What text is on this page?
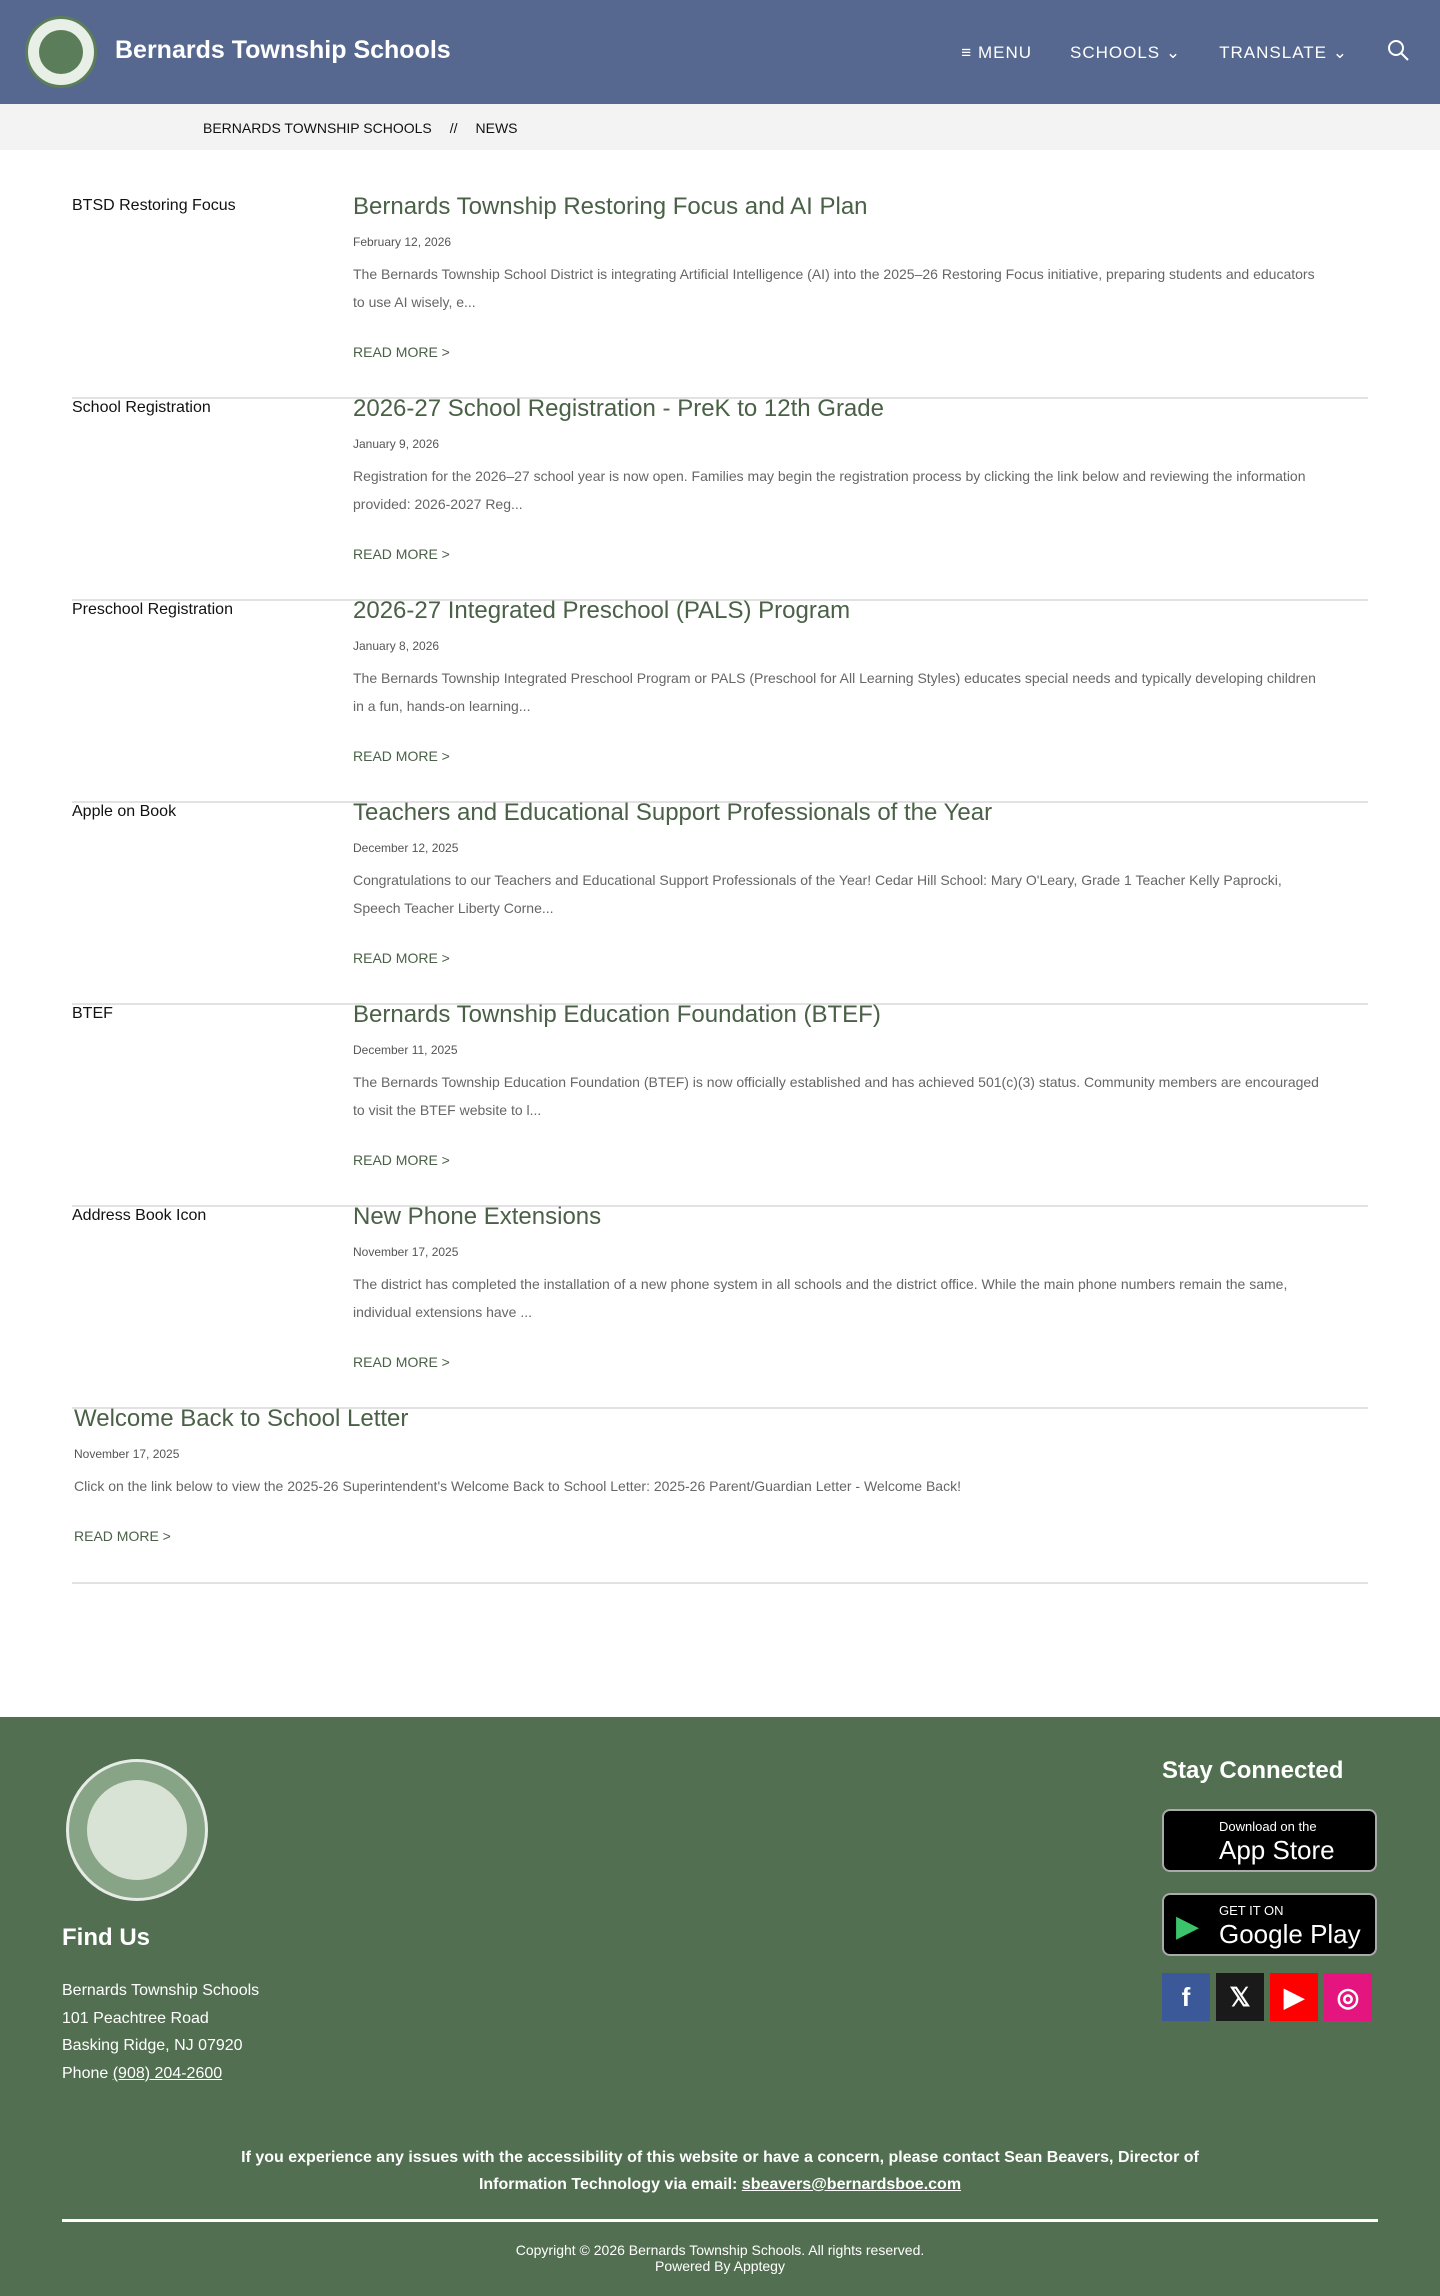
Bernards Township Schools	≡ MENU SCHOOLS ⌄ TRANSLATE ⌄
BERNARDS TOWNSHIP SCHOOLS // NEWS
BTSD Restoring Focus	Bernards Township Restoring Focus and AI Plan
February 12, 2026
The Bernards Township School District is integrating Artificial Intelligence (AI) into the 2025–26 Restoring Focus initiative, preparing students and educators to use AI wisely, e...
READ MORE >
School Registration	2026-27 School Registration - PreK to 12th Grade
January 9, 2026
Registration for the 2026–27 school year is now open. Families may begin the registration process by clicking the link below and reviewing the information provided: 2026-2027 Reg...
READ MORE >
Preschool Registration	2026-27 Integrated Preschool (PALS) Program
January 8, 2026
The Bernards Township Integrated Preschool Program or PALS (Preschool for All Learning Styles) educates special needs and typically developing children in a fun, hands-on learning...
READ MORE >
Apple on Book	Teachers and Educational Support Professionals of the Year
December 12, 2025
Congratulations to our Teachers and Educational Support Professionals of the Year! Cedar Hill School: Mary O'Leary, Grade 1 Teacher Kelly Paprocki, Speech Teacher Liberty Corne...
READ MORE >
BTEF	Bernards Township Education Foundation (BTEF)
December 11, 2025
The Bernards Township Education Foundation (BTEF) is now officially established and has achieved 501(c)(3) status. Community members are encouraged to visit the BTEF website to l...
READ MORE >
Address Book Icon	New Phone Extensions
November 17, 2025
The district has completed the installation of a new phone system in all schools and the district office. While the main phone numbers remain the same, individual extensions have ...
READ MORE >
Welcome Back to School Letter
November 17, 2025
Click on the link below to view the 2025-26 Superintendent's Welcome Back to School Letter: 2025-26 Parent/Guardian Letter - Welcome Back!
READ MORE >
Find Us
Bernards Township Schools
101 Peachtree Road
Basking Ridge, NJ 07920
Phone (908) 204-2600
Stay Connected
Download on the
App Store
▶ GET IT ON
Google Play
f	𝕏	▶	◎
If you experience any issues with the accessibility of this website or have a concern, please contact Sean Beavers, Director of Information Technology via email: sbeavers@bernardsboe.com
Copyright © 2026 Bernards Township Schools. All rights reserved.
Powered By Apptegy
